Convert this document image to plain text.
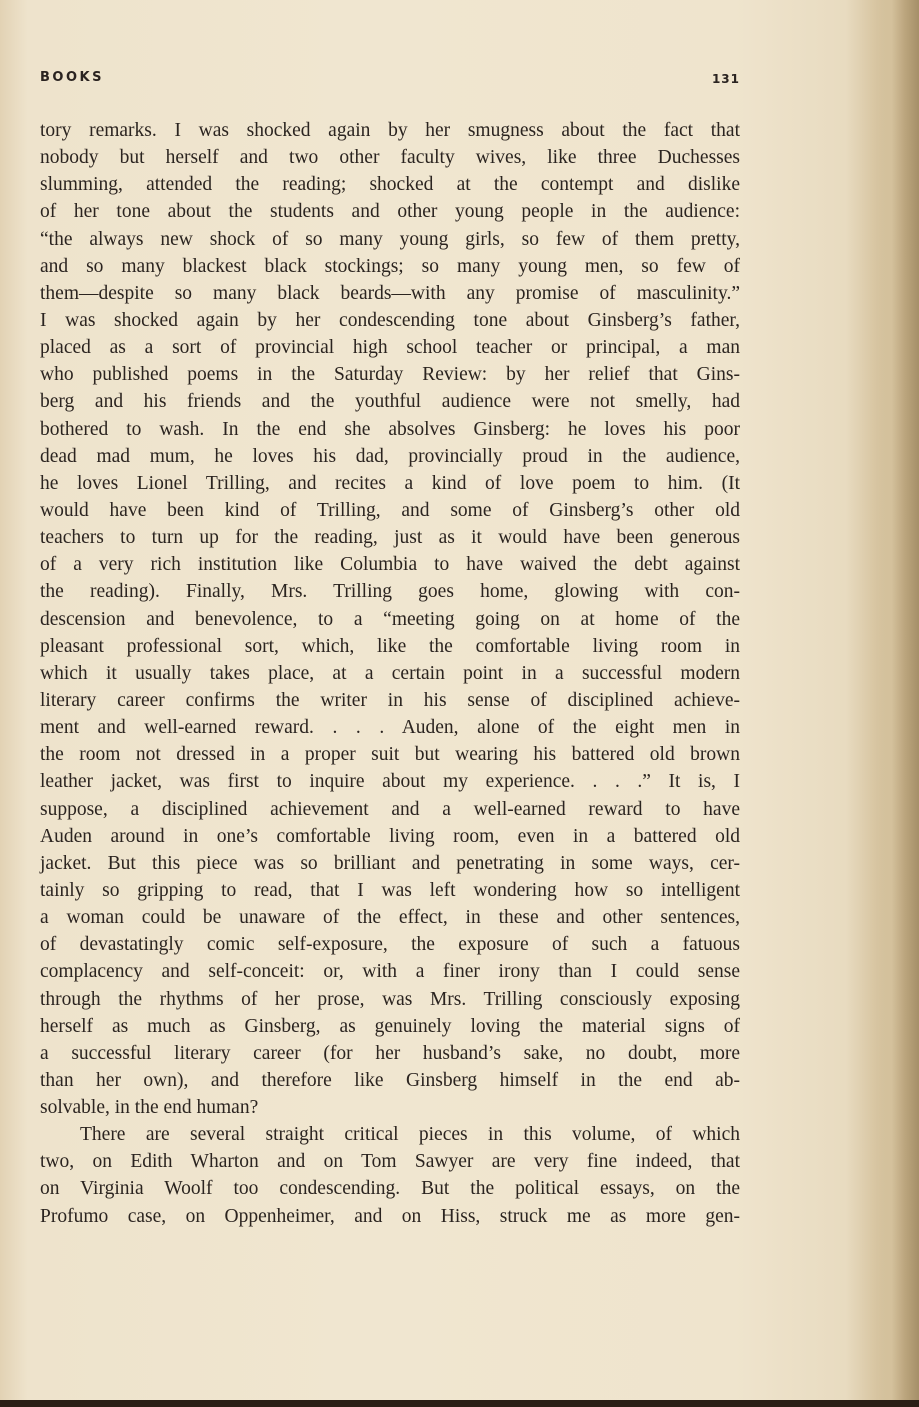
BOOKS	131
tory remarks. I was shocked again by her smugness about the fact that
nobody but herself and two other faculty wives, like three Duchesses
slumming, attended the reading; shocked at the contempt and dislike
of her tone about the students and other young people in the audience:
“the always new shock of so many young girls, so few of them pretty,
and so many blackest black stockings; so many young men, so few of
them—despite so many black beards—with any promise of masculinity.”
I was shocked again by her condescending tone about Ginsberg’s father,
placed as a sort of provincial high school teacher or principal, a man
who published poems in the Saturday Review: by her relief that Gins-
berg and his friends and the youthful audience were not smelly, had
bothered to wash. In the end she absolves Ginsberg: he loves his poor
dead mad mum, he loves his dad, provincially proud in the audience,
he loves Lionel Trilling, and recites a kind of love poem to him. (It
would have been kind of Trilling, and some of Ginsberg’s other old
teachers to turn up for the reading, just as it would have been generous
of a very rich institution like Columbia to have waived the debt against
the reading). Finally, Mrs. Trilling goes home, glowing with con-
descension and benevolence, to a “meeting going on at home of the
pleasant professional sort, which, like the comfortable living room in
which it usually takes place, at a certain point in a successful modern
literary career confirms the writer in his sense of disciplined achieve-
ment and well-earned reward. . . . Auden, alone of the eight men in
the room not dressed in a proper suit but wearing his battered old brown
leather jacket, was first to inquire about my experience. . . .” It is, I
suppose, a disciplined achievement and a well-earned reward to have
Auden around in one’s comfortable living room, even in a battered old
jacket. But this piece was so brilliant and penetrating in some ways, cer-
tainly so gripping to read, that I was left wondering how so intelligent
a woman could be unaware of the effect, in these and other sentences,
of devastatingly comic self-exposure, the exposure of such a fatuous
complacency and self-conceit: or, with a finer irony than I could sense
through the rhythms of her prose, was Mrs. Trilling consciously exposing
herself as much as Ginsberg, as genuinely loving the material signs of
a successful literary career (for her husband’s sake, no doubt, more
than her own), and therefore like Ginsberg himself in the end ab-
solvable, in the end human?
There are several straight critical pieces in this volume, of which
two, on Edith Wharton and on Tom Sawyer are very fine indeed, that
on Virginia Woolf too condescending. But the political essays, on the
Profumo case, on Oppenheimer, and on Hiss, struck me as more gen-
